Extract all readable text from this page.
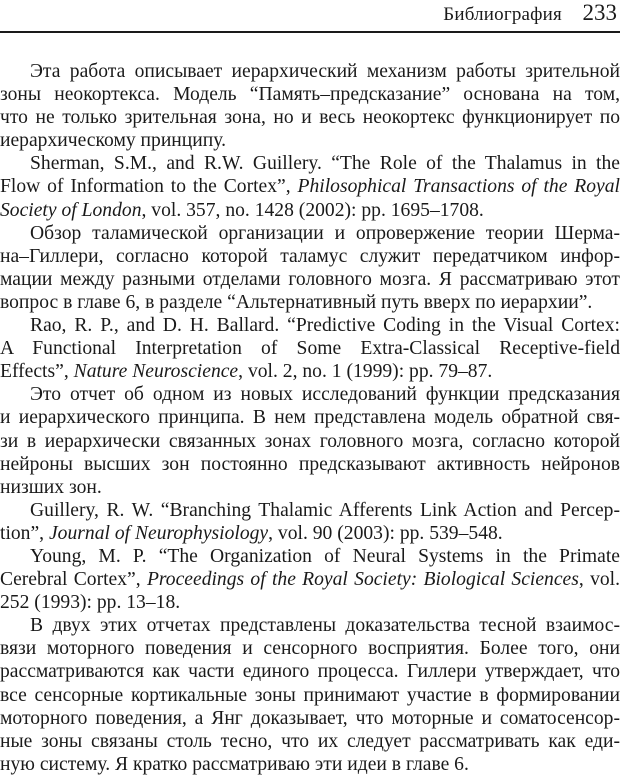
Библиография 233
Эта работа описывает иерархический механизм работы зрительной
зоны неокортекса. Модель “Память–предсказание” основана на том,
что не только зрительная зона, но и весь неокортекс функционирует по
иерархическому принципу.
Sherman, S.M., and R.W. Guillery. “The Role of the Thalamus in the
Flow of Information to the Cortex”, Philosophical Transactions of the Royal
Society of London, vol. 357, no. 1428 (2002): pp. 1695–1708.
Обзор таламической организации и опровержение теории Шерма-
на–Гиллери, согласно которой таламус служит передатчиком инфор-
мации между разными отделами головного мозга. Я рассматриваю этот
вопрос в главе 6, в разделе “Альтернативный путь вверх по иерархии”.
Rao, R. P., and D. H. Ballard. “Predictive Coding in the Visual Cortex:
A Functional Interpretation of Some Extra-Classical Receptive-field
Effects”, Nature Neuroscience, vol. 2, no. 1 (1999): pp. 79–87.
Это отчет об одном из новых исследований функции предсказания
и иерархического принципа. В нем представлена модель обратной свя-
зи в иерархически связанных зонах головного мозга, согласно которой
нейроны высших зон постоянно предсказывают активность нейронов
низших зон.
Guillery, R. W. “Branching Thalamic Afferents Link Action and Percep-
tion”, Journal of Neurophysiology, vol. 90 (2003): pp. 539–548.
Young, M. P. “The Organization of Neural Systems in the Primate
Cerebral Cortex”, Proceedings of the Royal Society: Biological Sciences, vol.
252 (1993): pp. 13–18.
В двух этих отчетах представлены доказательства тесной взаимос-
вязи моторного поведения и сенсорного восприятия. Более того, они
рассматриваются как части единого процесса. Гиллери утверждает, что
все сенсорные кортикальные зоны принимают участие в формировании
моторного поведения, а Янг доказывает, что моторные и соматосенсор-
ные зоны связаны столь тесно, что их следует рассматривать как еди-
ную систему. Я кратко рассматриваю эти идеи в главе 6.
